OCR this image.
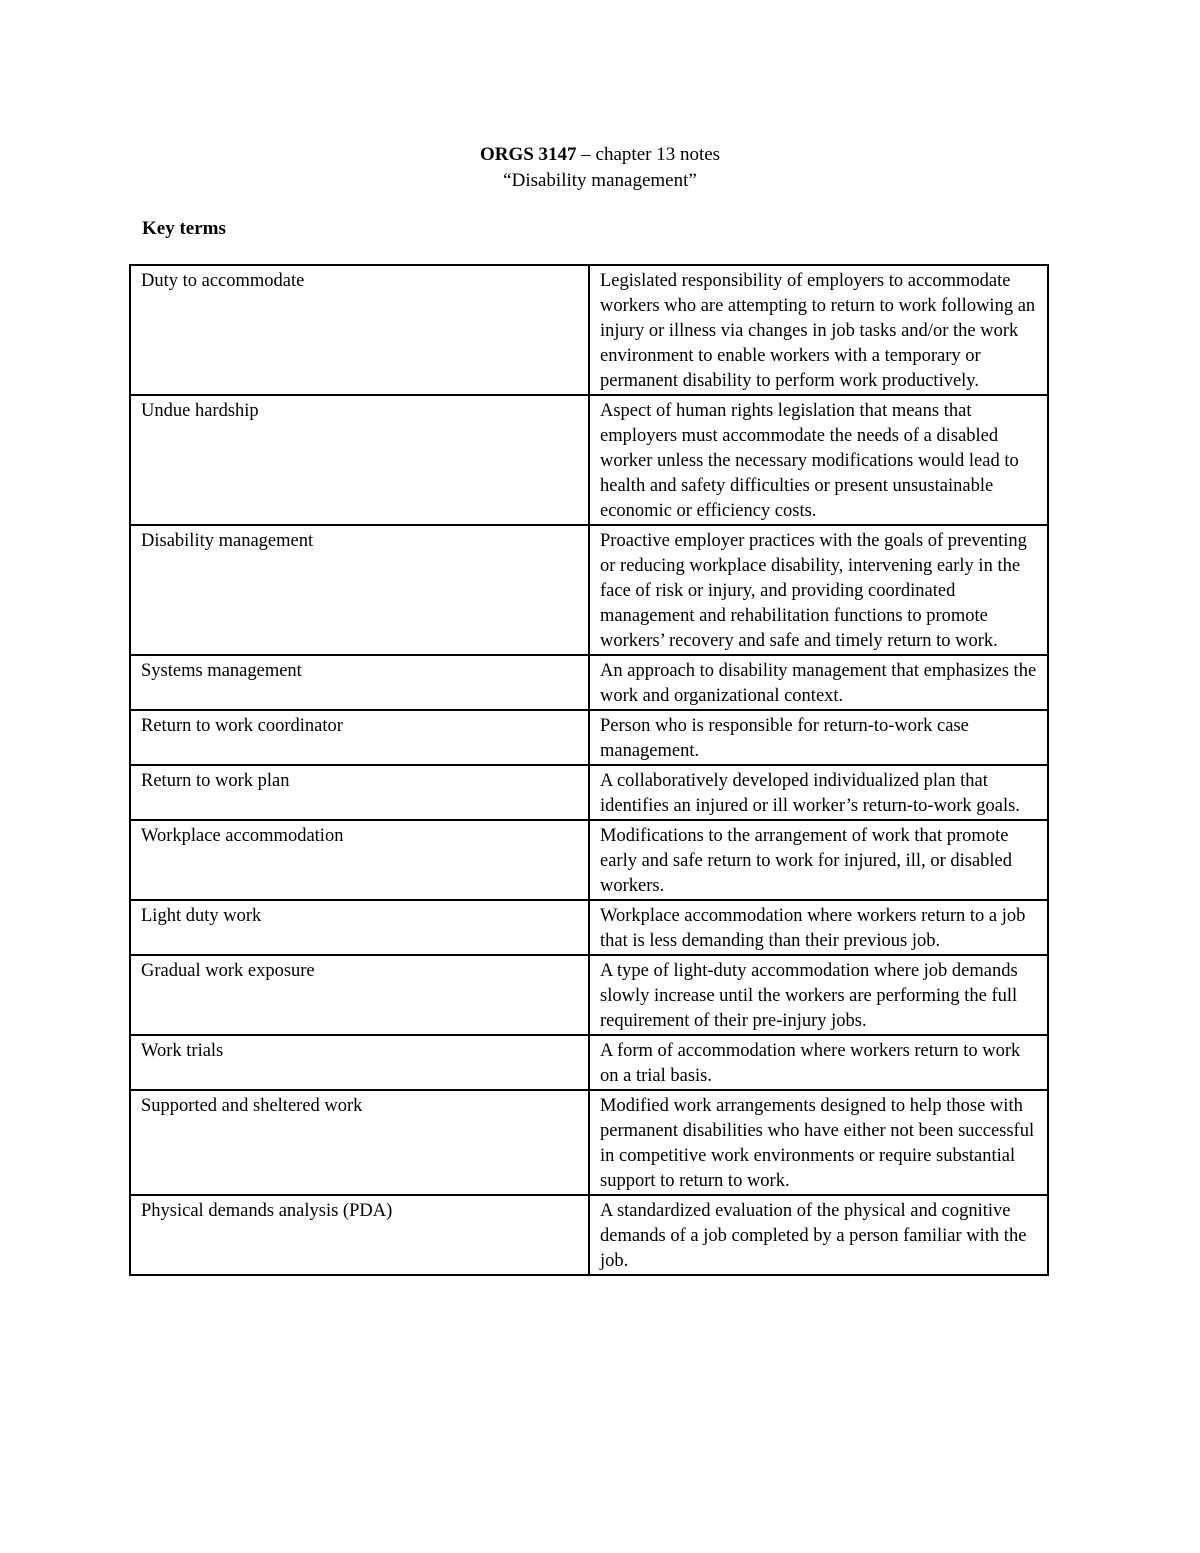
ORGS 3147 – chapter 13 notes
“Disability management”
Key terms
Duty to accommodate	Legislated responsibility of employers to accommodate workers who are attempting to return to work following an injury or illness via changes in job tasks and/or the work environment to enable workers with a temporary or permanent disability to perform work productively.
Undue hardship	Aspect of human rights legislation that means that employers must accommodate the needs of a disabled worker unless the necessary modifications would lead to health and safety difficulties or present unsustainable economic or efficiency costs.
Disability management	Proactive employer practices with the goals of preventing or reducing workplace disability, intervening early in the face of risk or injury, and providing coordinated management and rehabilitation functions to promote workers’ recovery and safe and timely return to work.
Systems management	An approach to disability management that emphasizes the work and organizational context.
Return to work coordinator	Person who is responsible for return-to-work case management.
Return to work plan	A collaboratively developed individualized plan that identifies an injured or ill worker’s return-to-work goals.
Workplace accommodation	Modifications to the arrangement of work that promote early and safe return to work for injured, ill, or disabled workers.
Light duty work	Workplace accommodation where workers return to a job that is less demanding than their previous job.
Gradual work exposure	A type of light-duty accommodation where job demands slowly increase until the workers are performing the full requirement of their pre-injury jobs.
Work trials	A form of accommodation where workers return to work on a trial basis.
Supported and sheltered work	Modified work arrangements designed to help those with permanent disabilities who have either not been successful in competitive work environments or require substantial support to return to work.
Physical demands analysis (PDA)	A standardized evaluation of the physical and cognitive demands of a job completed by a person familiar with the job.
